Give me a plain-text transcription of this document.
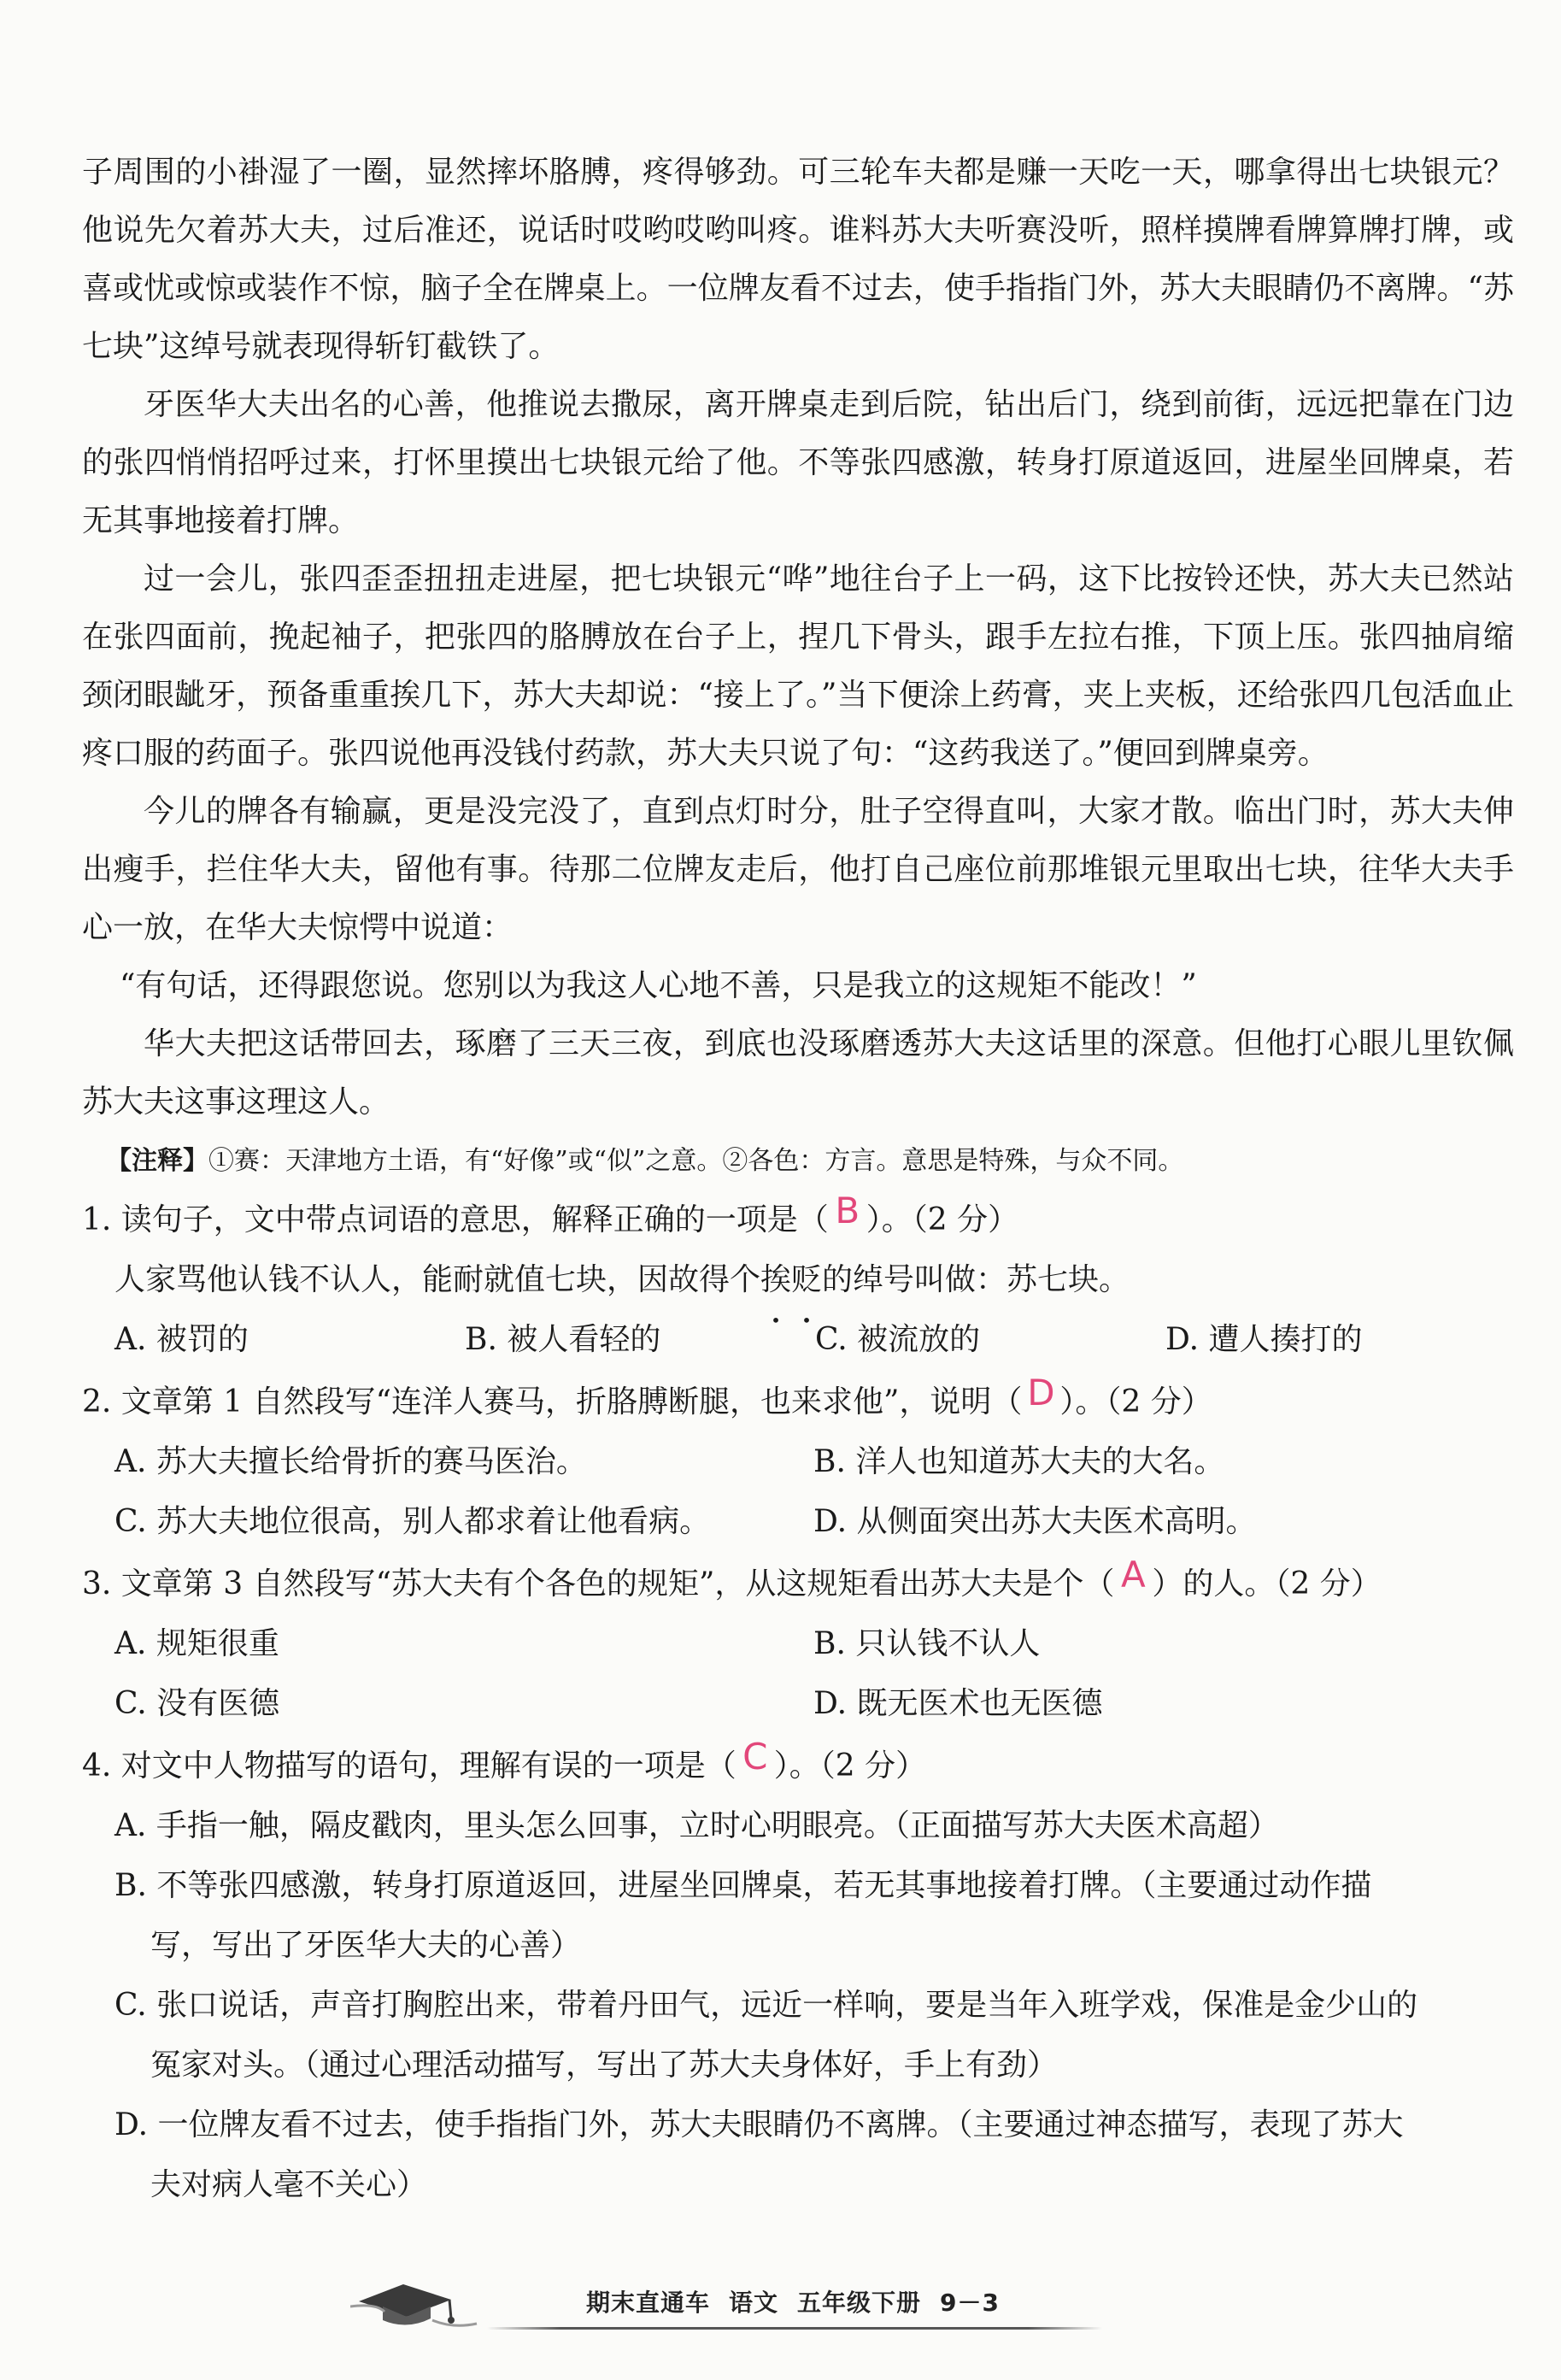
子周围的小褂湿了一圈，显然摔坏胳膊，疼得够劲。可三轮车夫都是赚一天吃一天，哪拿得出七块银元？他说先欠着苏大夫，过后准还，说话时哎哟哎哟叫疼。谁料苏大夫听赛没听，照样摸牌看牌算牌打牌，或喜或忧或惊或装作不惊，脑子全在牌桌上。一位牌友看不过去，使手指指门外，苏大夫眼睛仍不离牌。“苏七块”这绰号就表现得斩钉截铁了。

牙医华大夫出名的心善，他推说去撒尿，离开牌桌走到后院，钻出后门，绕到前街，远远把靠在门边的张四悄悄招呼过来，打怀里摸出七块银元给了他。不等张四感激，转身打原道返回，进屋坐回牌桌，若无其事地接着打牌。

过一会儿，张四歪歪扭扭走进屋，把七块银元“哗”地往台子上一码，这下比按铃还快，苏大夫已然站在张四面前，挽起袖子，把张四的胳膊放在台子上，捏几下骨头，跟手左拉右推，下顶上压。张四抽肩缩颈闭眼龇牙，预备重重挨几下，苏大夫却说：“接上了。”当下便涂上药膏，夹上夹板，还给张四几包活血止疼口服的药面子。张四说他再没钱付药款，苏大夫只说了句：“这药我送了。”便回到牌桌旁。

今儿的牌各有输赢，更是没完没了，直到点灯时分，肚子空得直叫，大家才散。临出门时，苏大夫伸出瘦手，拦住华大夫，留他有事。待那二位牌友走后，他打自己座位前那堆银元里取出七块，往华大夫手心一放，在华大夫惊愕中说道：

“有句话，还得跟您说。您别以为我这人心地不善，只是我立的这规矩不能改！”

华大夫把这话带回去，琢磨了三天三夜，到底也没琢磨透苏大夫这话里的深意。但他打心眼儿里钦佩苏大夫这事这理这人。

【注释】①赛：天津地方土语，有“好像”或“似”之意。②各色：方言。意思是特殊，与众不同。

1. 读句子，文中带点词语的意思，解释正确的一项是（ B ）。（2 分）

人家骂他认钱不认人，能耐就值七块，因故得个挨贬的绰号叫做：苏七块。

A. 被罚的	B. 被人看轻的	C. 被流放的	D. 遭人揍打的

2. 文章第 1 自然段写“连洋人赛马，折胳膊断腿，也来求他”，说明（ D ）。（2 分）

A. 苏大夫擅长给骨折的赛马医治。	B. 洋人也知道苏大夫的大名。
C. 苏大夫地位很高，别人都求着让他看病。	D. 从侧面突出苏大夫医术高明。

3. 文章第 3 自然段写“苏大夫有个各色的规矩”，从这规矩看出苏大夫是个（ A ）的人。（2 分）

A. 规矩很重	B. 只认钱不认人
C. 没有医德	D. 既无医术也无医德

4. 对文中人物描写的语句，理解有误的一项是（ C ）。（2 分）

A. 手指一触，隔皮戳肉，里头怎么回事，立时心明眼亮。（正面描写苏大夫医术高超）
B. 不等张四感激，转身打原道返回，进屋坐回牌桌，若无其事地接着打牌。（主要通过动作描
写，写出了牙医华大夫的心善）
C. 张口说话，声音打胸腔出来，带着丹田气，远近一样响，要是当年入班学戏，保准是金少山的
冤家对头。（通过心理活动描写，写出了苏大夫身体好，手上有劲）
D. 一位牌友看不过去，使手指指门外，苏大夫眼睛仍不离牌。（主要通过神态描写，表现了苏大
夫对病人毫不关心）
期末直通车 语文 五年级下册 9－3
